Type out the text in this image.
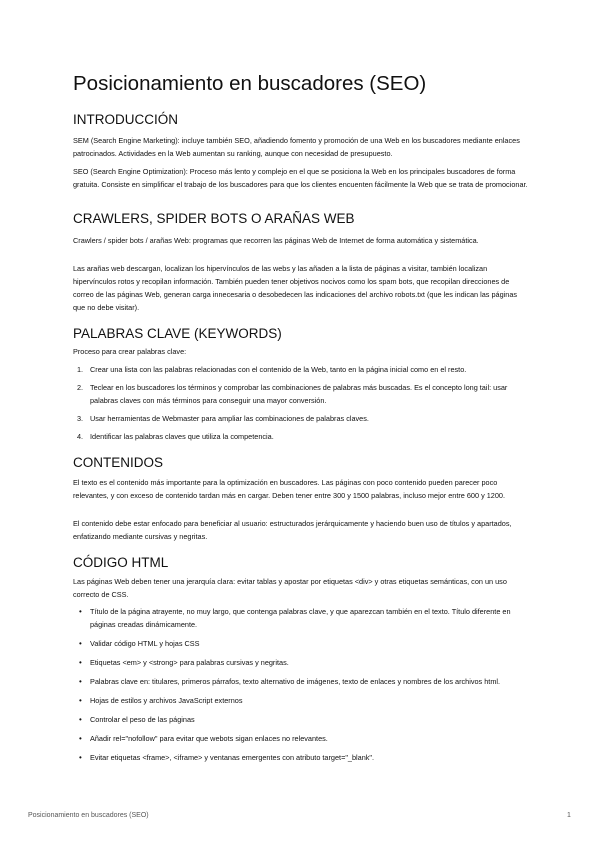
Posicionamiento en buscadores (SEO)
INTRODUCCIÓN

SEM (Search Engine Marketing): incluye también SEO, añadiendo fomento y promoción de una Web en los buscadores mediante enlaces patrocinados. Actividades en la Web aumentan su ranking, aunque con necesidad de presupuesto.

SEO (Search Engine Optimization): Proceso más lento y complejo en el que se posiciona la Web en los principales buscadores de forma gratuita. Consiste en simplificar el trabajo de los buscadores para que los clientes encuenten fácilmente la Web que se trata de promocionar.

CRAWLERS, SPIDER BOTS O ARAÑAS WEB

Crawlers / spider bots / arañas Web: programas que recorren las páginas Web de Internet de forma automática y sistemática.

Las arañas web descargan, localizan los hipervínculos de las webs y las añaden a la lista de páginas a visitar, también localizan hipervínculos rotos y recopilan información. También pueden tener objetivos nocivos como los spam bots, que recopilan direcciones de correo de las páginas Web, generan carga innecesaria o desobedecen las indicaciones del archivo robots.txt (que les indican las páginas que no debe visitar).

PALABRAS CLAVE (KEYWORDS)

Proceso para crear palabras clave:

1. Crear una lista con las palabras relacionadas con el contenido de la Web, tanto en la página inicial como en el resto.
2. Teclear en los buscadores los términos y comprobar las combinaciones de palabras más buscadas. Es el concepto long tail: usar palabras claves con más términos para conseguir una mayor conversión.
3. Usar herramientas de Webmaster para ampliar las combinaciones de palabras claves.
4. Identificar las palabras claves que utiliza la competencia.
CONTENIDOS

El texto es el contenido más importante para la optimización en buscadores. Las páginas con poco contenido pueden parecer poco relevantes, y con exceso de contenido tardan más en cargar. Deben tener entre 300 y 1500 palabras, incluso mejor entre 600 y 1200.

El contenido debe estar enfocado para beneficiar al usuario: estructurados jerárquicamente y haciendo buen uso de títulos y apartados, enfatizando mediante cursivas y negritas.

CÓDIGO HTML

Las páginas Web deben tener una jerarquía clara: evitar tablas y apostar por etiquetas <div> y otras etiquetas semánticas, con un uso correcto de CSS.

• Título de la página atrayente, no muy largo, que contenga palabras clave, y que aparezcan también en el texto. Título diferente en páginas creadas dinámicamente.
• Validar código HTML y hojas CSS
• Etiquetas <em> y <strong> para palabras cursivas y negritas.
• Palabras clave en: titulares, primeros párrafos, texto alternativo de imágenes, texto de enlaces y nombres de los archivos html.
• Hojas de estilos y archivos JavaScript externos
• Controlar el peso de las páginas
• Añadir rel="nofollow" para evitar que webots sigan enlaces no relevantes.
• Evitar etiquetas <frame>, <iframe> y ventanas emergentes con atributo target="_blank".
Posicionamiento en buscadores (SEO)	1
